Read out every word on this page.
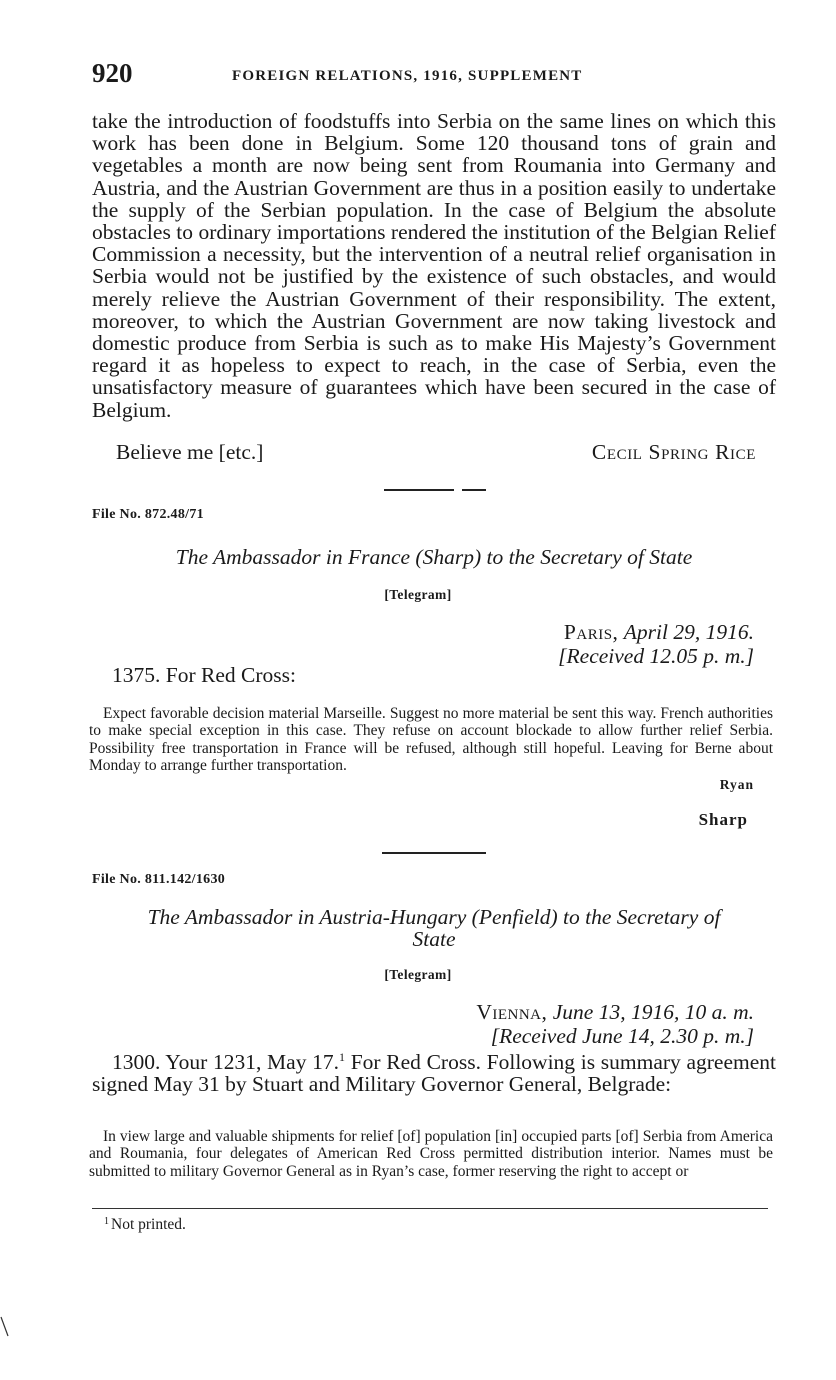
920	FOREIGN RELATIONS, 1916, SUPPLEMENT

take the introduction of foodstuffs into Serbia on the same lines on which this work has been done in Belgium. Some 120 thousand tons of grain and vegetables a month are now being sent from Roumania into Germany and Austria, and the Austrian Government are thus in a position easily to undertake the supply of the Serbian population. In the case of Belgium the absolute obstacles to ordinary importations rendered the institution of the Belgian Relief Commission a necessity, but the intervention of a neutral relief organisation in Serbia would not be justified by the existence of such obstacles, and would merely relieve the Austrian Government of their responsibility. The extent, moreover, to which the Austrian Government are now taking livestock and domestic produce from Serbia is such as to make His Majesty’s Government regard it as hopeless to expect to reach, in the case of Serbia, even the unsatisfactory measure of guarantees which have been secured in the case of Belgium.

Believe me [etc.]	Cecil Spring Rice
File No. 872.48/71
The Ambassador in France (Sharp) to the Secretary of State
[Telegram]
Paris, April 29, 1916.
[Received 12.05 p. m.]
1375. For Red Cross:
Expect favorable decision material Marseille. Suggest no more material be sent this way. French authorities to make special exception in this case. They refuse on account blockade to allow further relief Serbia. Possibility free transportation in France will be refused, although still hopeful. Leaving for Berne about Monday to arrange further transportation.
Ryan
Sharp
File No. 811.142/1630
The Ambassador in Austria-Hungary (Penfield) to the Secretary of
State
[Telegram]
Vienna, June 13, 1916, 10 a. m.
[Received June 14, 2.30 p. m.]
1300. Your 1231, May 17.$^1$ For Red Cross. Following is summary agreement signed May 31 by Stuart and Military Governor General, Belgrade:
In view large and valuable shipments for relief [of] population [in] occupied parts [of] Serbia from America and Roumania, four delegates of American Red Cross permitted distribution interior. Names must be submitted to military Governor General as in Ryan’s case, former reserving the right to accept or
$^1$ Not printed.
